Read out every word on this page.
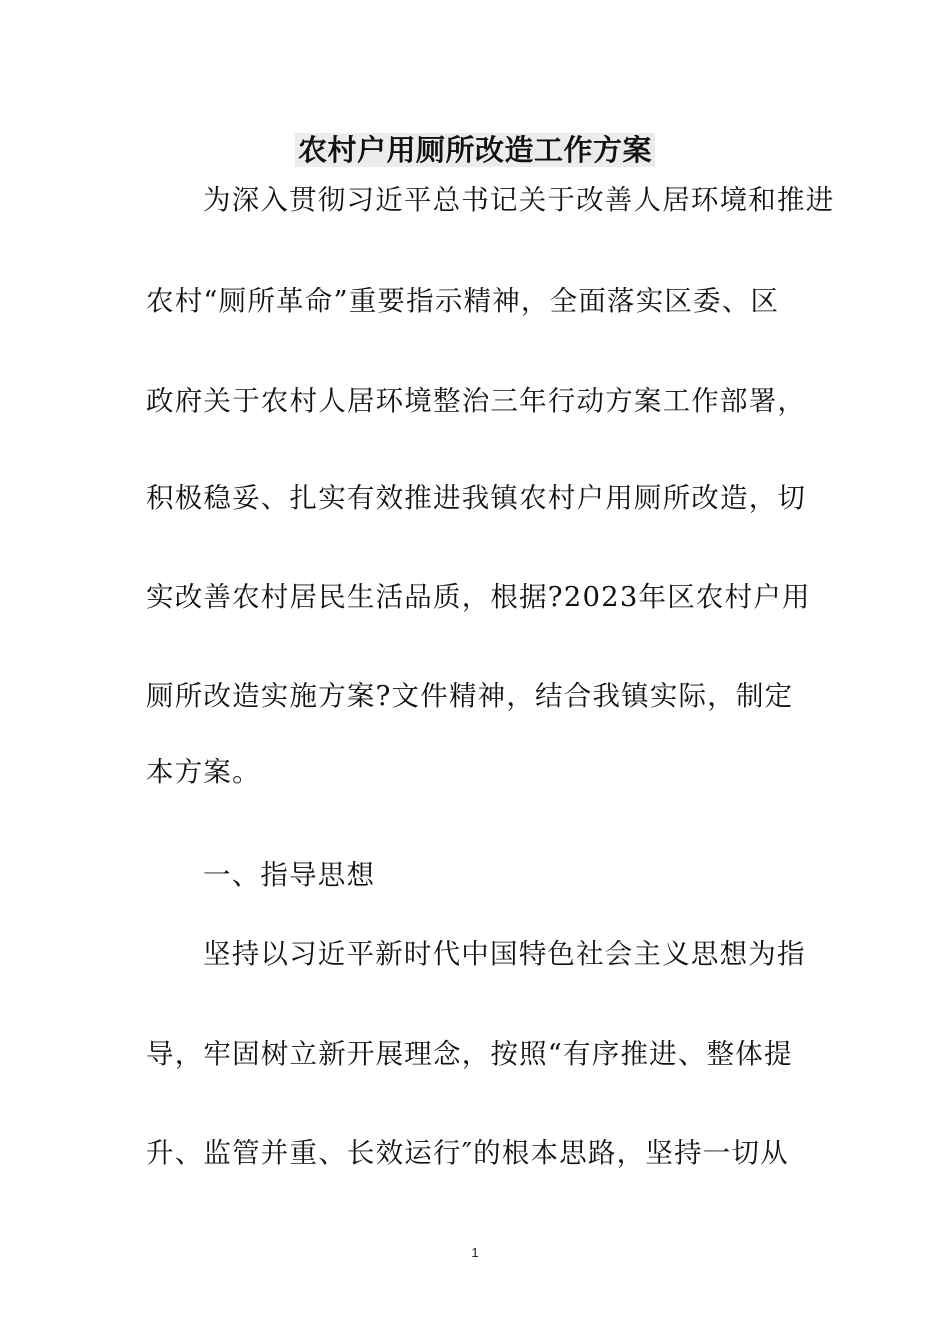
农村户用厕所改造工作方案
为深入贯彻习近平总书记关于改善人居环境和推进
农村“厕所革命”重要指示精神，全面落实区委、区
政府关于农村人居环境整治三年行动方案工作部署，
积极稳妥、扎实有效推进我镇农村户用厕所改造，切
实改善农村居民生活品质，根据?2023年区农村户用
厕所改造实施方案?文件精神，结合我镇实际，制定
本方案。
一、指导思想
坚持以习近平新时代中国特色社会主义思想为指
导，牢固树立新开展理念，按照“有序推进、整体提
升、监管并重、长效运行″的根本思路，坚持一切从
1
